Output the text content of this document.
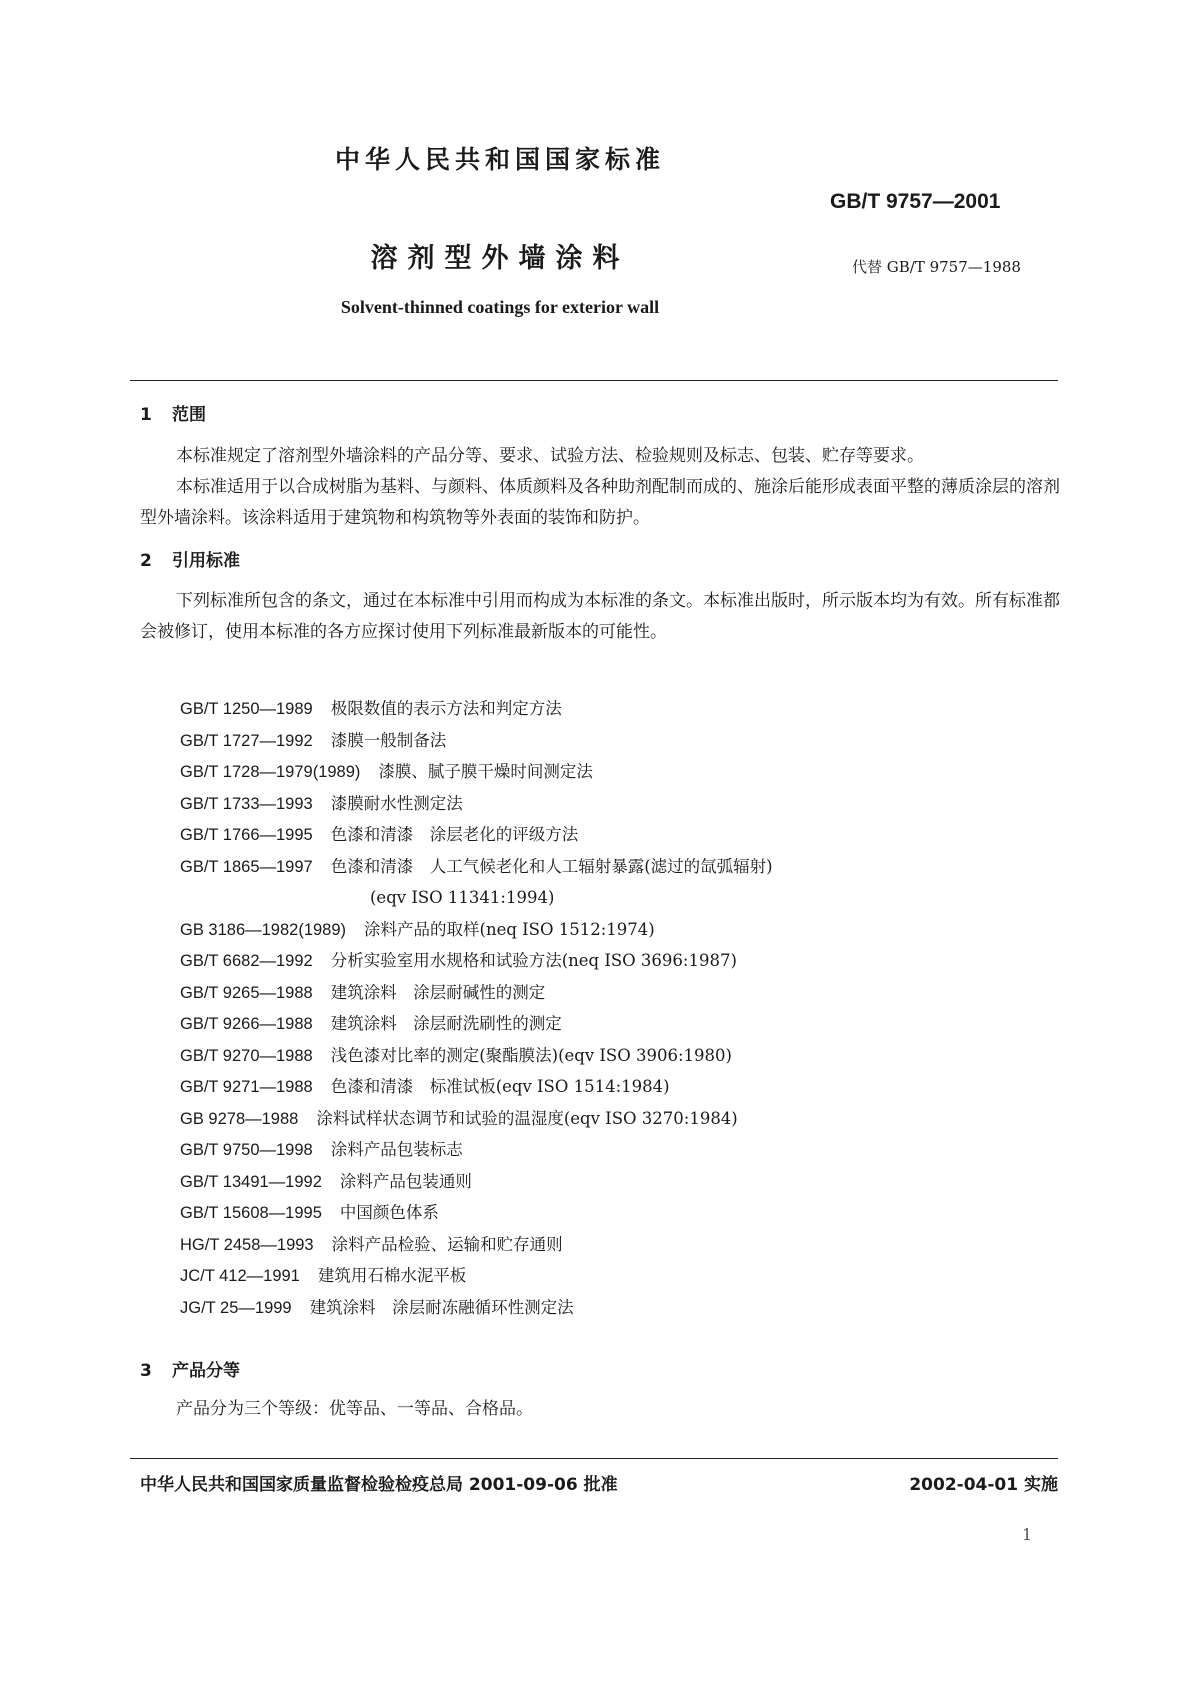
中华人民共和国国家标准
GB/T 9757—2001
溶剂型外墙涂料	代替 GB/T 9757—1988
Solvent-thinned coatings for exterior wall
1 范围
本标准规定了溶剂型外墙涂料的产品分等、要求、试验方法、检验规则及标志、包装、贮存等要求。
本标准适用于以合成树脂为基料、与颜料、体质颜料及各种助剂配制而成的、施涂后能形成表面平整的薄质涂层的溶剂型外墙涂料。该涂料适用于建筑物和构筑物等外表面的装饰和防护。
2 引用标准
下列标准所包含的条文，通过在本标准中引用而构成为本标准的条文。本标准出版时，所示版本均为有效。所有标准都会被修订，使用本标准的各方应探讨使用下列标准最新版本的可能性。
GB/T 1250—1989 极限数值的表示方法和判定方法
GB/T 1727—1992 漆膜一般制备法
GB/T 1728—1979(1989) 漆膜、腻子膜干燥时间测定法
GB/T 1733—1993 漆膜耐水性测定法
GB/T 1766—1995 色漆和清漆　涂层老化的评级方法
GB/T 1865—1997 色漆和清漆　人工气候老化和人工辐射暴露(滤过的氙弧辐射)
(eqv ISO 11341:1994)
GB 3186—1982(1989) 涂料产品的取样(neq ISO 1512:1974)
GB/T 6682—1992 分析实验室用水规格和试验方法(neq ISO 3696:1987)
GB/T 9265—1988 建筑涂料　涂层耐碱性的测定
GB/T 9266—1988 建筑涂料　涂层耐洗刷性的测定
GB/T 9270—1988 浅色漆对比率的测定(聚酯膜法)(eqv ISO 3906:1980)
GB/T 9271—1988 色漆和清漆　标准试板(eqv ISO 1514:1984)
GB 9278—1988 涂料试样状态调节和试验的温湿度(eqv ISO 3270:1984)
GB/T 9750—1998 涂料产品包装标志
GB/T 13491—1992 涂料产品包装通则
GB/T 15608—1995 中国颜色体系
HG/T 2458—1993 涂料产品检验、运输和贮存通则
JC/T 412—1991 建筑用石棉水泥平板
JG/T 25—1999 建筑涂料　涂层耐冻融循环性测定法
3 产品分等
产品分为三个等级：优等品、一等品、合格品。
中华人民共和国国家质量监督检验检疫总局 2001-09-06 批准	2002-04-01 实施
1
